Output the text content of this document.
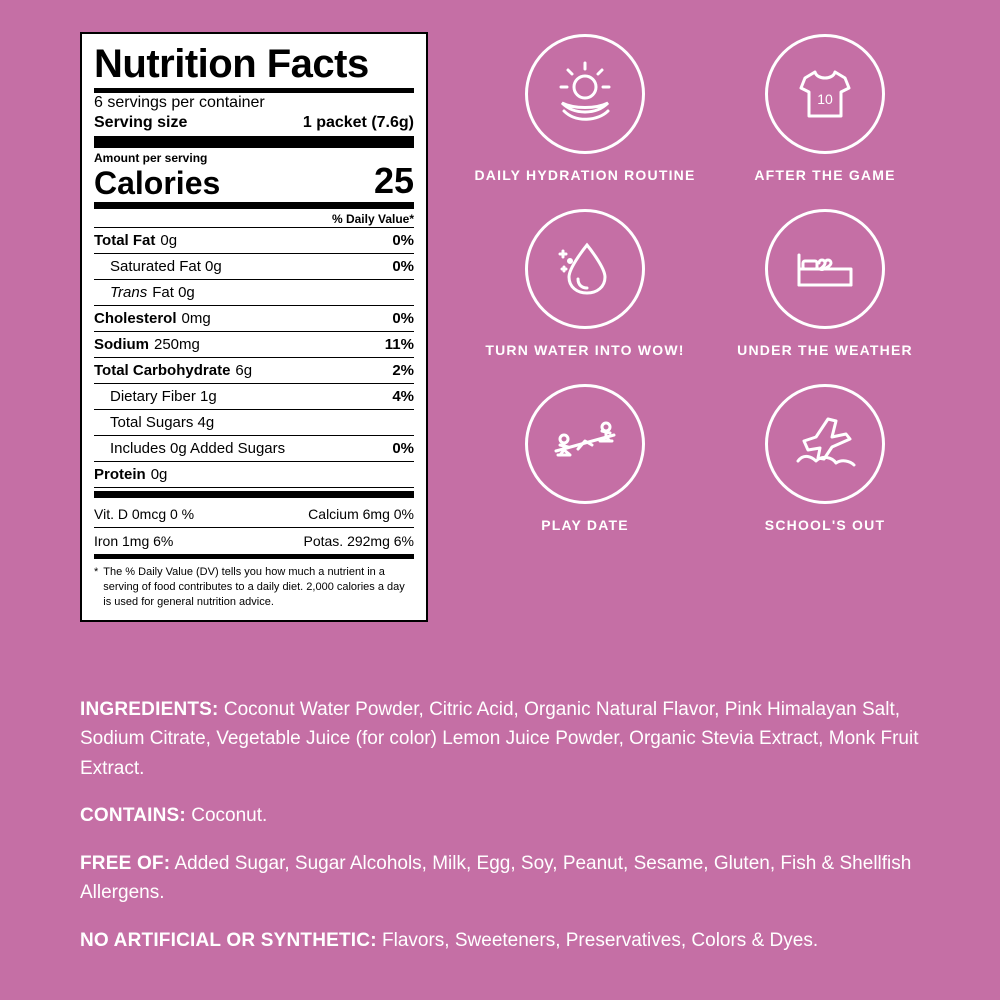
Nutrition Facts
6 servings per container
Serving size	1 packet (7.6g)
Amount per serving
Calories	25
% Daily Value*
Total Fat 0g	0%
Saturated Fat 0g	0%
Trans Fat 0g
Cholesterol 0mg	0%
Sodium 250mg	11%
Total Carbohydrate 6g	2%
Dietary Fiber 1g	4%
Total Sugars 4g
Includes 0g Added Sugars	0%
Protein 0g
Vit. D 0mcg 0 %	Calcium 6mg 0%
Iron 1mg 6%	Potas. 292mg 6%
* The % Daily Value (DV) tells you how much a nutrient in a serving of food contributes to a daily diet. 2,000 calories a day is used for general nutrition advice.
DAILY HYDRATION ROUTINE
10
AFTER THE GAME
TURN WATER INTO WOW!	UNDER THE WEATHER
PLAY DATE	SCHOOL'S OUT
INGREDIENTS: Coconut Water Powder, Citric Acid, Organic Natural Flavor, Pink Himalayan Salt, Sodium Citrate, Vegetable Juice (for color) Lemon Juice Powder, Organic Stevia Extract, Monk Fruit Extract.
CONTAINS: Coconut.
FREE OF: Added Sugar, Sugar Alcohols, Milk, Egg, Soy, Peanut, Sesame, Gluten, Fish & Shellfish Allergens.
NO ARTIFICIAL OR SYNTHETIC: Flavors, Sweeteners, Preservatives, Colors & Dyes.
